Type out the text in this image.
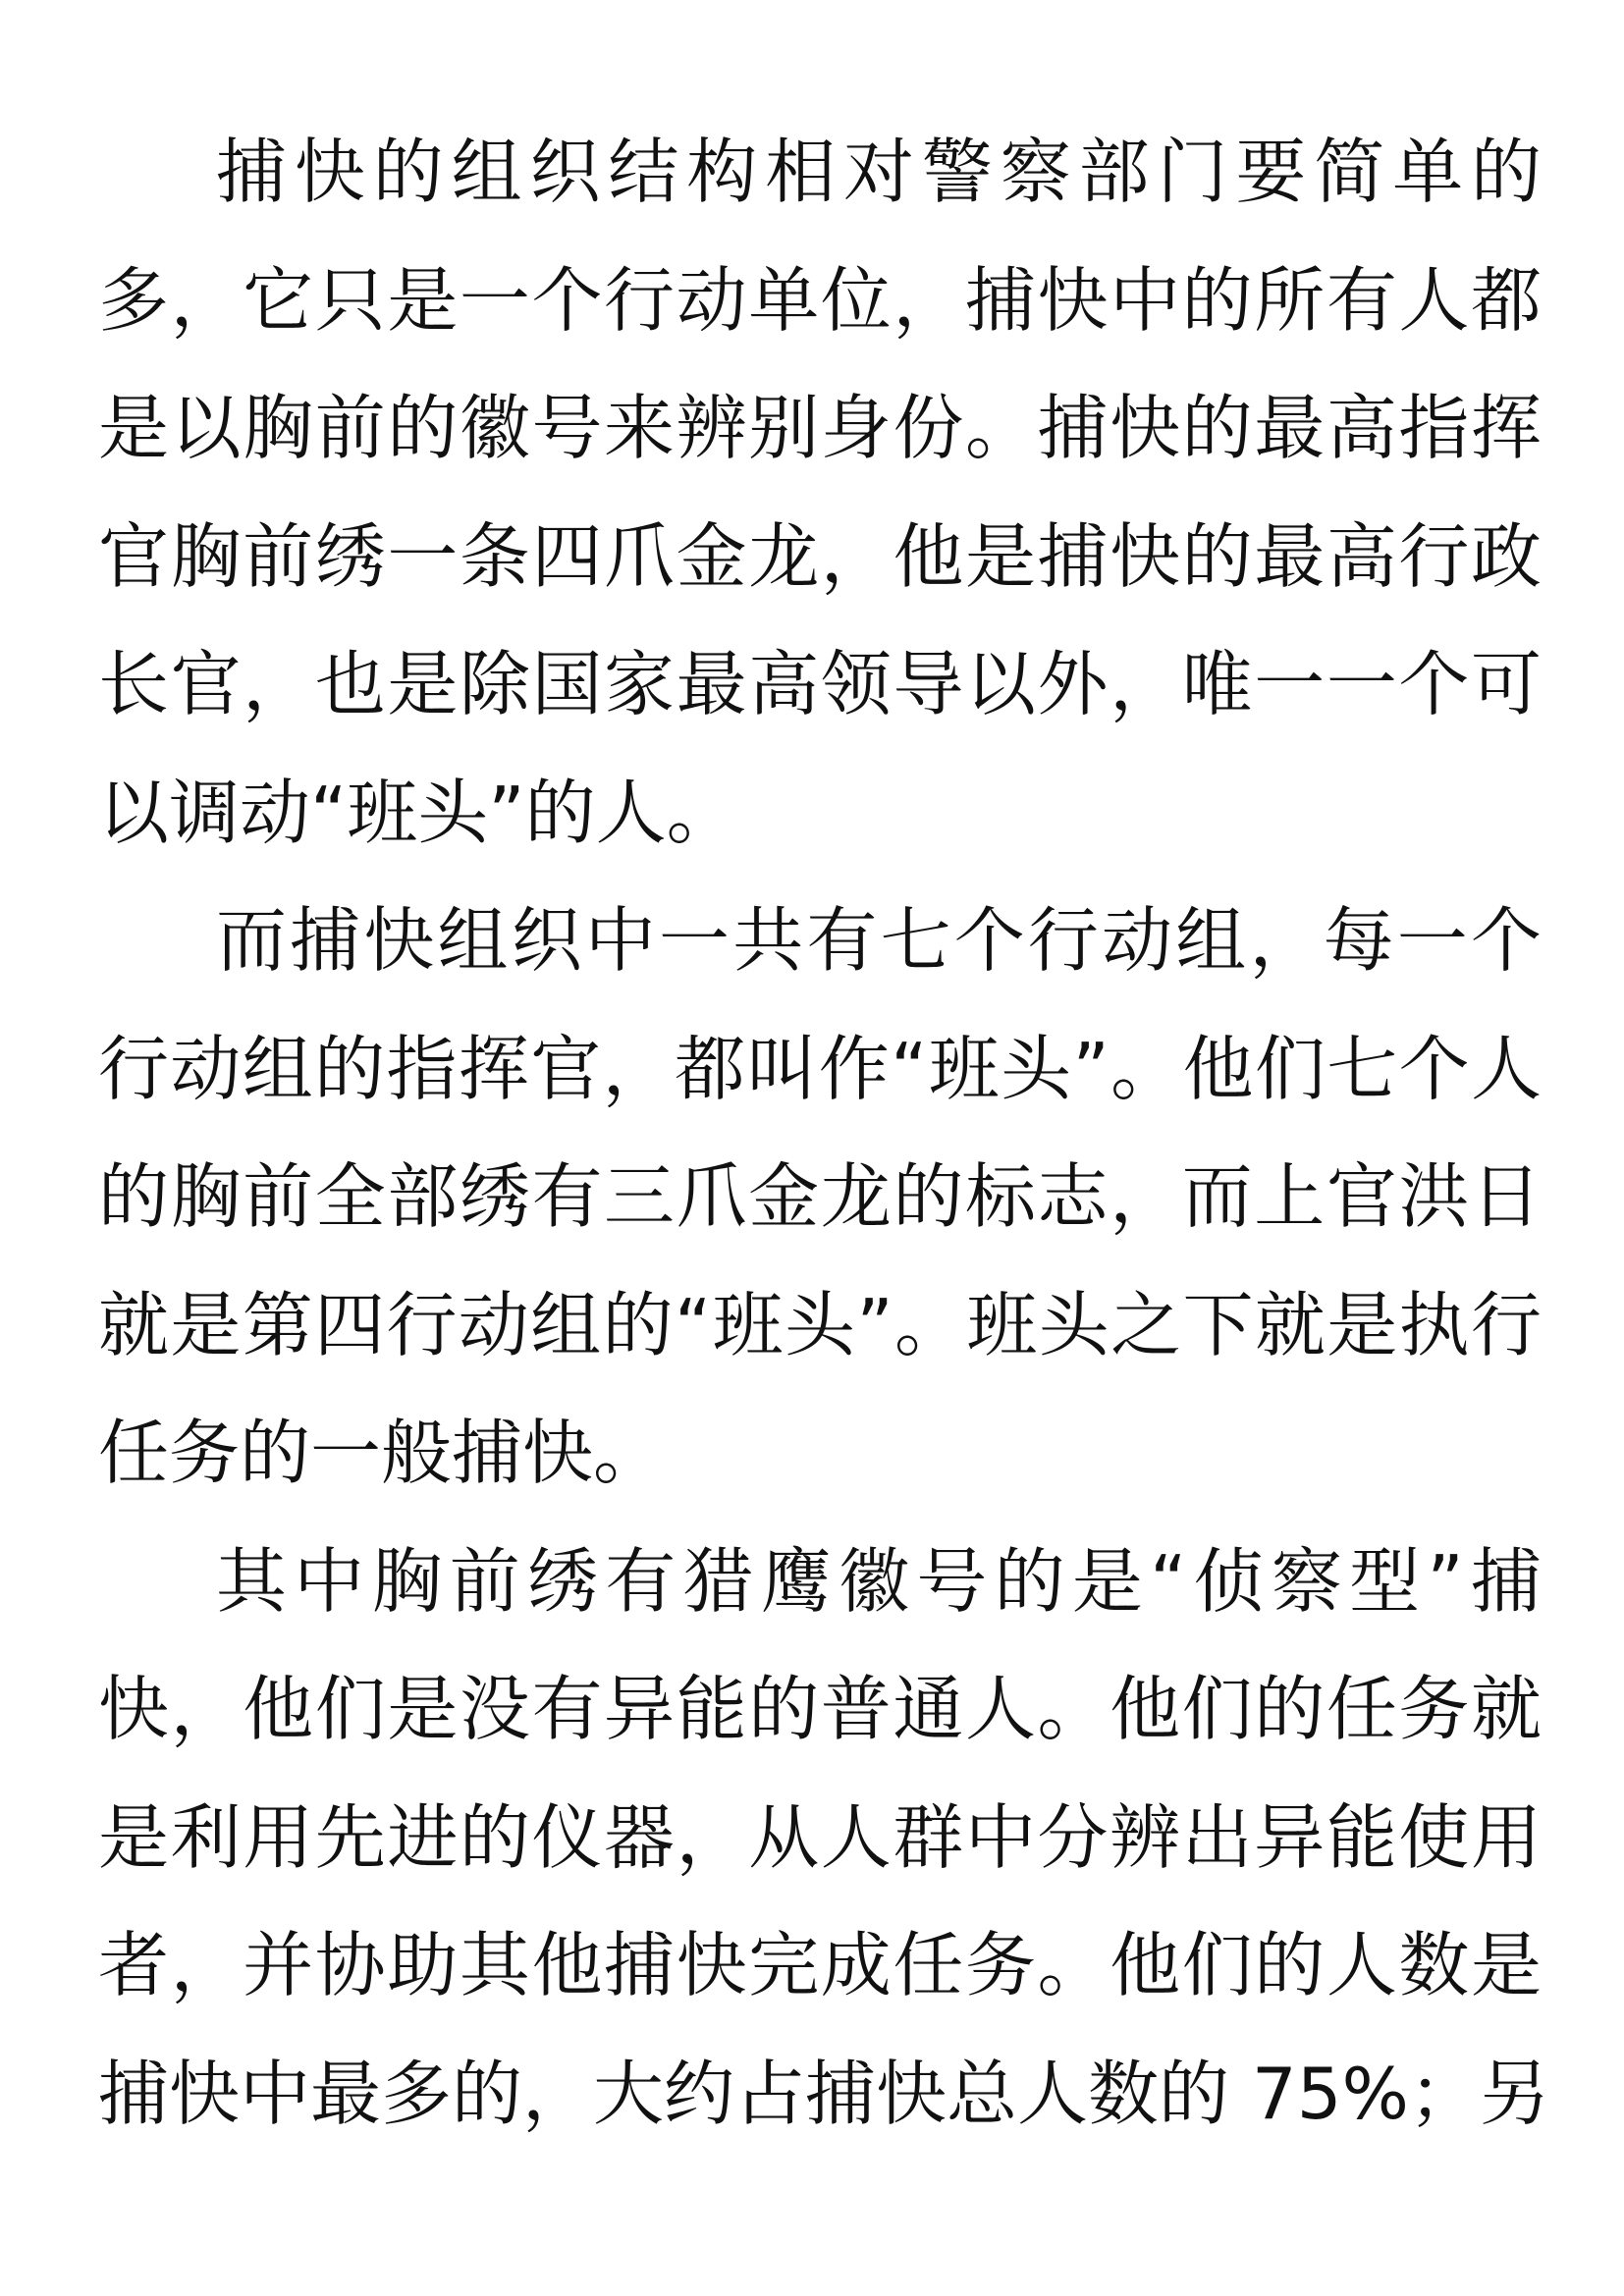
捕快的组织结构相对警察部门要简单的
多，它只是一个行动单位，捕快中的所有人都
是以胸前的徽号来辨别身份。捕快的最高指挥
官胸前绣一条四爪金龙，他是捕快的最高行政
长官，也是除国家最高领导以外，唯一一个可
以调动“班头”的人。
而捕快组织中一共有七个行动组，每一个
行动组的指挥官，都叫作“班头”。他们七个人
的胸前全部绣有三爪金龙的标志，而上官洪日
就是第四行动组的“班头”。班头之下就是执行
任务的一般捕快。
其中胸前绣有猎鹰徽号的是“侦察型”捕
快，他们是没有异能的普通人。他们的任务就
是利用先进的仪器，从人群中分辨出异能使用
者，并协助其他捕快完成任务。他们的人数是
捕快中最多的，大约占捕快总人数的 75%；另
